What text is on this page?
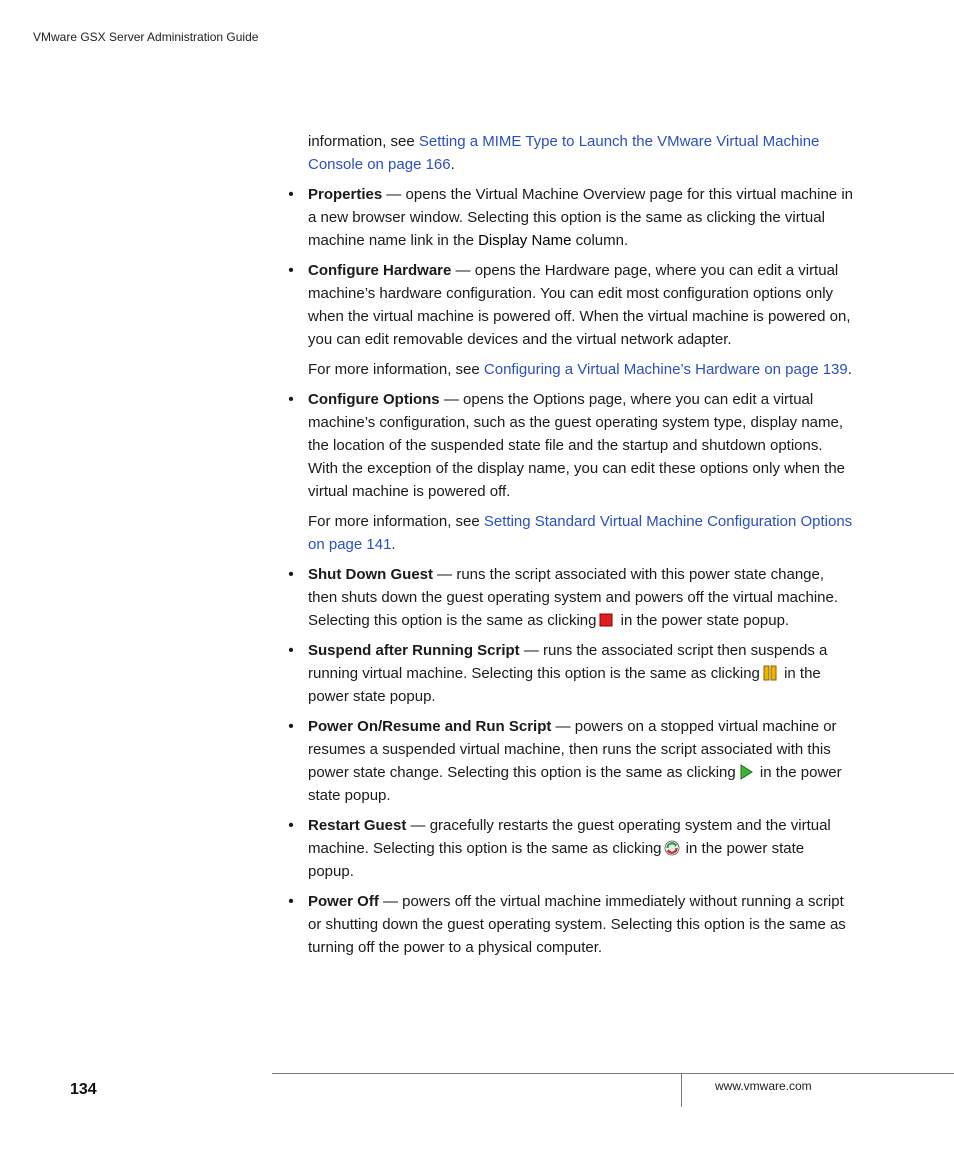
VMware GSX Server Administration Guide

information, see Setting a MIME Type to Launch the VMware Virtual Machine Console on page 166.

• Properties — opens the Virtual Machine Overview page for this virtual machine in a new browser window. Selecting this option is the same as clicking the virtual machine name link in the Display Name column.
• Configure Hardware — opens the Hardware page, where you can edit a virtual machine’s hardware configuration. You can edit most configuration options only when the virtual machine is powered off. When the virtual machine is powered on, you can edit removable devices and the virtual network adapter.

For more information, see Configuring a Virtual Machine’s Hardware on page 139.

• Configure Options — opens the Options page, where you can edit a virtual machine’s configuration, such as the guest operating system type, display name, the location of the suspended state file and the startup and shutdown options. With the exception of the display name, you can edit these options only when the virtual machine is powered off.

For more information, see Setting Standard Virtual Machine Configuration Options on page 141.

• Shut Down Guest — runs the script associated with this power state change, then shuts down the guest operating system and powers off the virtual machine. Selecting this option is the same as clicking in the power state popup.
• Suspend after Running Script — runs the associated script then suspends a running virtual machine. Selecting this option is the same as clicking in the power state popup.
• Power On/Resume and Run Script — powers on a stopped virtual machine or resumes a suspended virtual machine, then runs the script associated with this power state change. Selecting this option is the same as clicking in the power state popup.
• Restart Guest — gracefully restarts the guest operating system and the virtual machine. Selecting this option is the same as clicking in the power state popup.
• Power Off — powers off the virtual machine immediately without running a script or shutting down the guest operating system. Selecting this option is the same as turning off the power to a physical computer.
134	www.vmware.com
